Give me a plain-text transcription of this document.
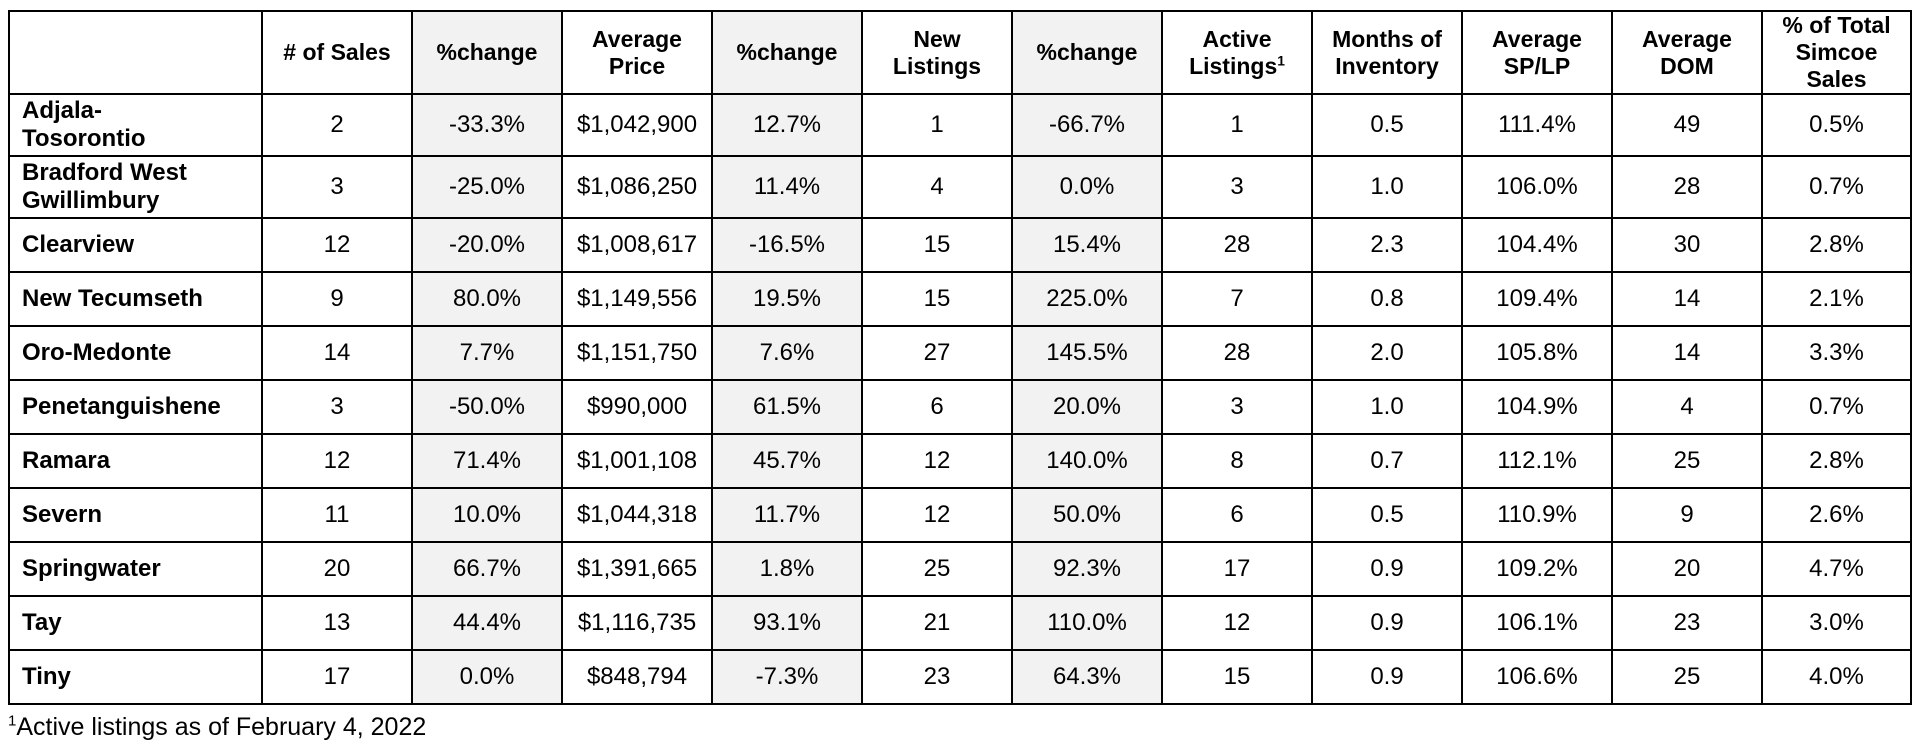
	# of Sales	%change	Average Price	%change	New Listings	%change	Active Listings$^1$	Months of Inventory	Average SP/LP	Average DOM	% of Total Simcoe Sales
Adjala-
Tosorontio	2	-33.3%	$1,042,900	12.7%	1	-66.7%	1	0.5	111.4%	49	0.5%
Bradford West
Gwillimbury	3	-25.0%	$1,086,250	11.4%	4	0.0%	3	1.0	106.0%	28	0.7%
Clearview	12	-20.0%	$1,008,617	-16.5%	15	15.4%	28	2.3	104.4%	30	2.8%
New Tecumseth	9	80.0%	$1,149,556	19.5%	15	225.0%	7	0.8	109.4%	14	2.1%
Oro-Medonte	14	7.7%	$1,151,750	7.6%	27	145.5%	28	2.0	105.8%	14	3.3%
Penetanguishene	3	-50.0%	$990,000	61.5%	6	20.0%	3	1.0	104.9%	4	0.7%
Ramara	12	71.4%	$1,001,108	45.7%	12	140.0%	8	0.7	112.1%	25	2.8%
Severn	11	10.0%	$1,044,318	11.7%	12	50.0%	6	0.5	110.9%	9	2.6%
Springwater	20	66.7%	$1,391,665	1.8%	25	92.3%	17	0.9	109.2%	20	4.7%
Tay	13	44.4%	$1,116,735	93.1%	21	110.0%	12	0.9	106.1%	23	3.0%
Tiny	17	0.0%	$848,794	-7.3%	23	64.3%	15	0.9	106.6%	25	4.0%
$^1$Active listings as of February 4, 2022
